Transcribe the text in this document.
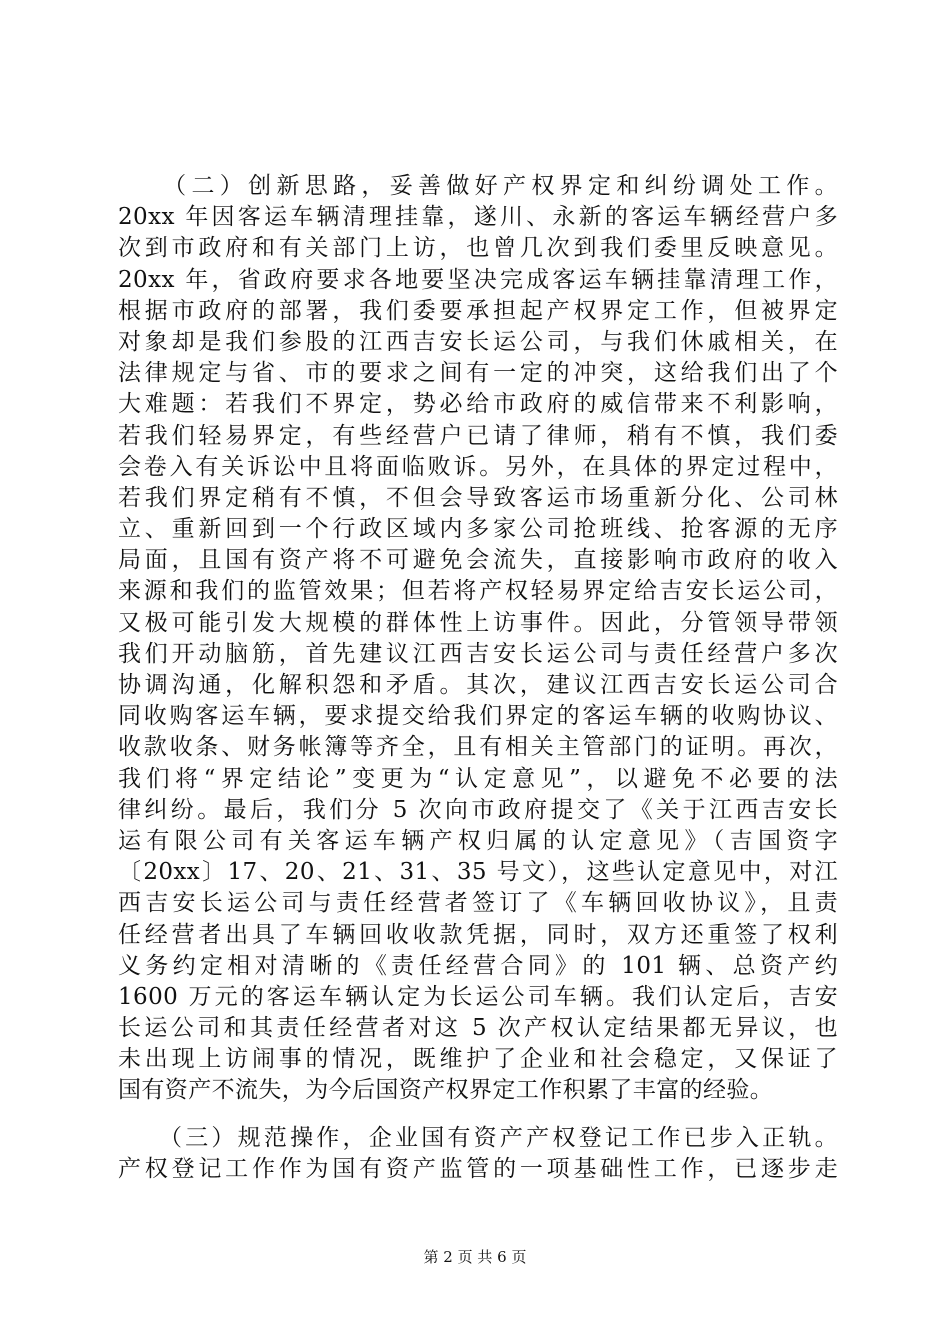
　　（二）创新思路，妥善做好产权界定和纠纷调处工作。
20xx 年因客运车辆清理挂靠，遂川、永新的客运车辆经营户多
次到市政府和有关部门上访，也曾几次到我们委里反映意见。
20xx 年，省政府要求各地要坚决完成客运车辆挂靠清理工作，
根据市政府的部署，我们委要承担起产权界定工作，但被界定
对象却是我们参股的江西吉安长运公司，与我们休戚相关，在
法律规定与省、市的要求之间有一定的冲突，这给我们出了个
大难题：若我们不界定，势必给市政府的威信带来不利影响，
若我们轻易界定，有些经营户已请了律师，稍有不慎，我们委
会卷入有关诉讼中且将面临败诉。另外，在具体的界定过程中，
若我们界定稍有不慎，不但会导致客运市场重新分化、公司林
立、重新回到一个行政区域内多家公司抢班线、抢客源的无序
局面，且国有资产将不可避免会流失，直接影响市政府的收入
来源和我们的监管效果；但若将产权轻易界定给吉安长运公司，
又极可能引发大规模的群体性上访事件。因此，分管领导带领
我们开动脑筋，首先建议江西吉安长运公司与责任经营户多次
协调沟通，化解积怨和矛盾。其次，建议江西吉安长运公司合
同收购客运车辆，要求提交给我们界定的客运车辆的收购协议、
收款收条、财务帐簿等齐全，且有相关主管部门的证明。再次，
我们将“界定结论”变更为“认定意见”，以避免不必要的法
律纠纷。最后，我们分 5 次向市政府提交了《关于江西吉安长
运有限公司有关客运车辆产权归属的认定意见》（吉国资字
〔20xx〕17、20、21、31、35 号文），这些认定意见中，对江
西吉安长运公司与责任经营者签订了《车辆回收协议》，且责
任经营者出具了车辆回收收款凭据，同时，双方还重签了权利
义务约定相对清晰的《责任经营合同》的 101 辆、总资产约
1600 万元的客运车辆认定为长运公司车辆。我们认定后，吉安
长运公司和其责任经营者对这 5 次产权认定结果都无异议，也
未出现上访闹事的情况，既维护了企业和社会稳定，又保证了
国有资产不流失，为今后国资产权界定工作积累了丰富的经验。
　　（三）规范操作，企业国有资产产权登记工作已步入正轨。
产权登记工作作为国有资产监管的一项基础性工作，已逐步走
第 2 页 共 6 页
